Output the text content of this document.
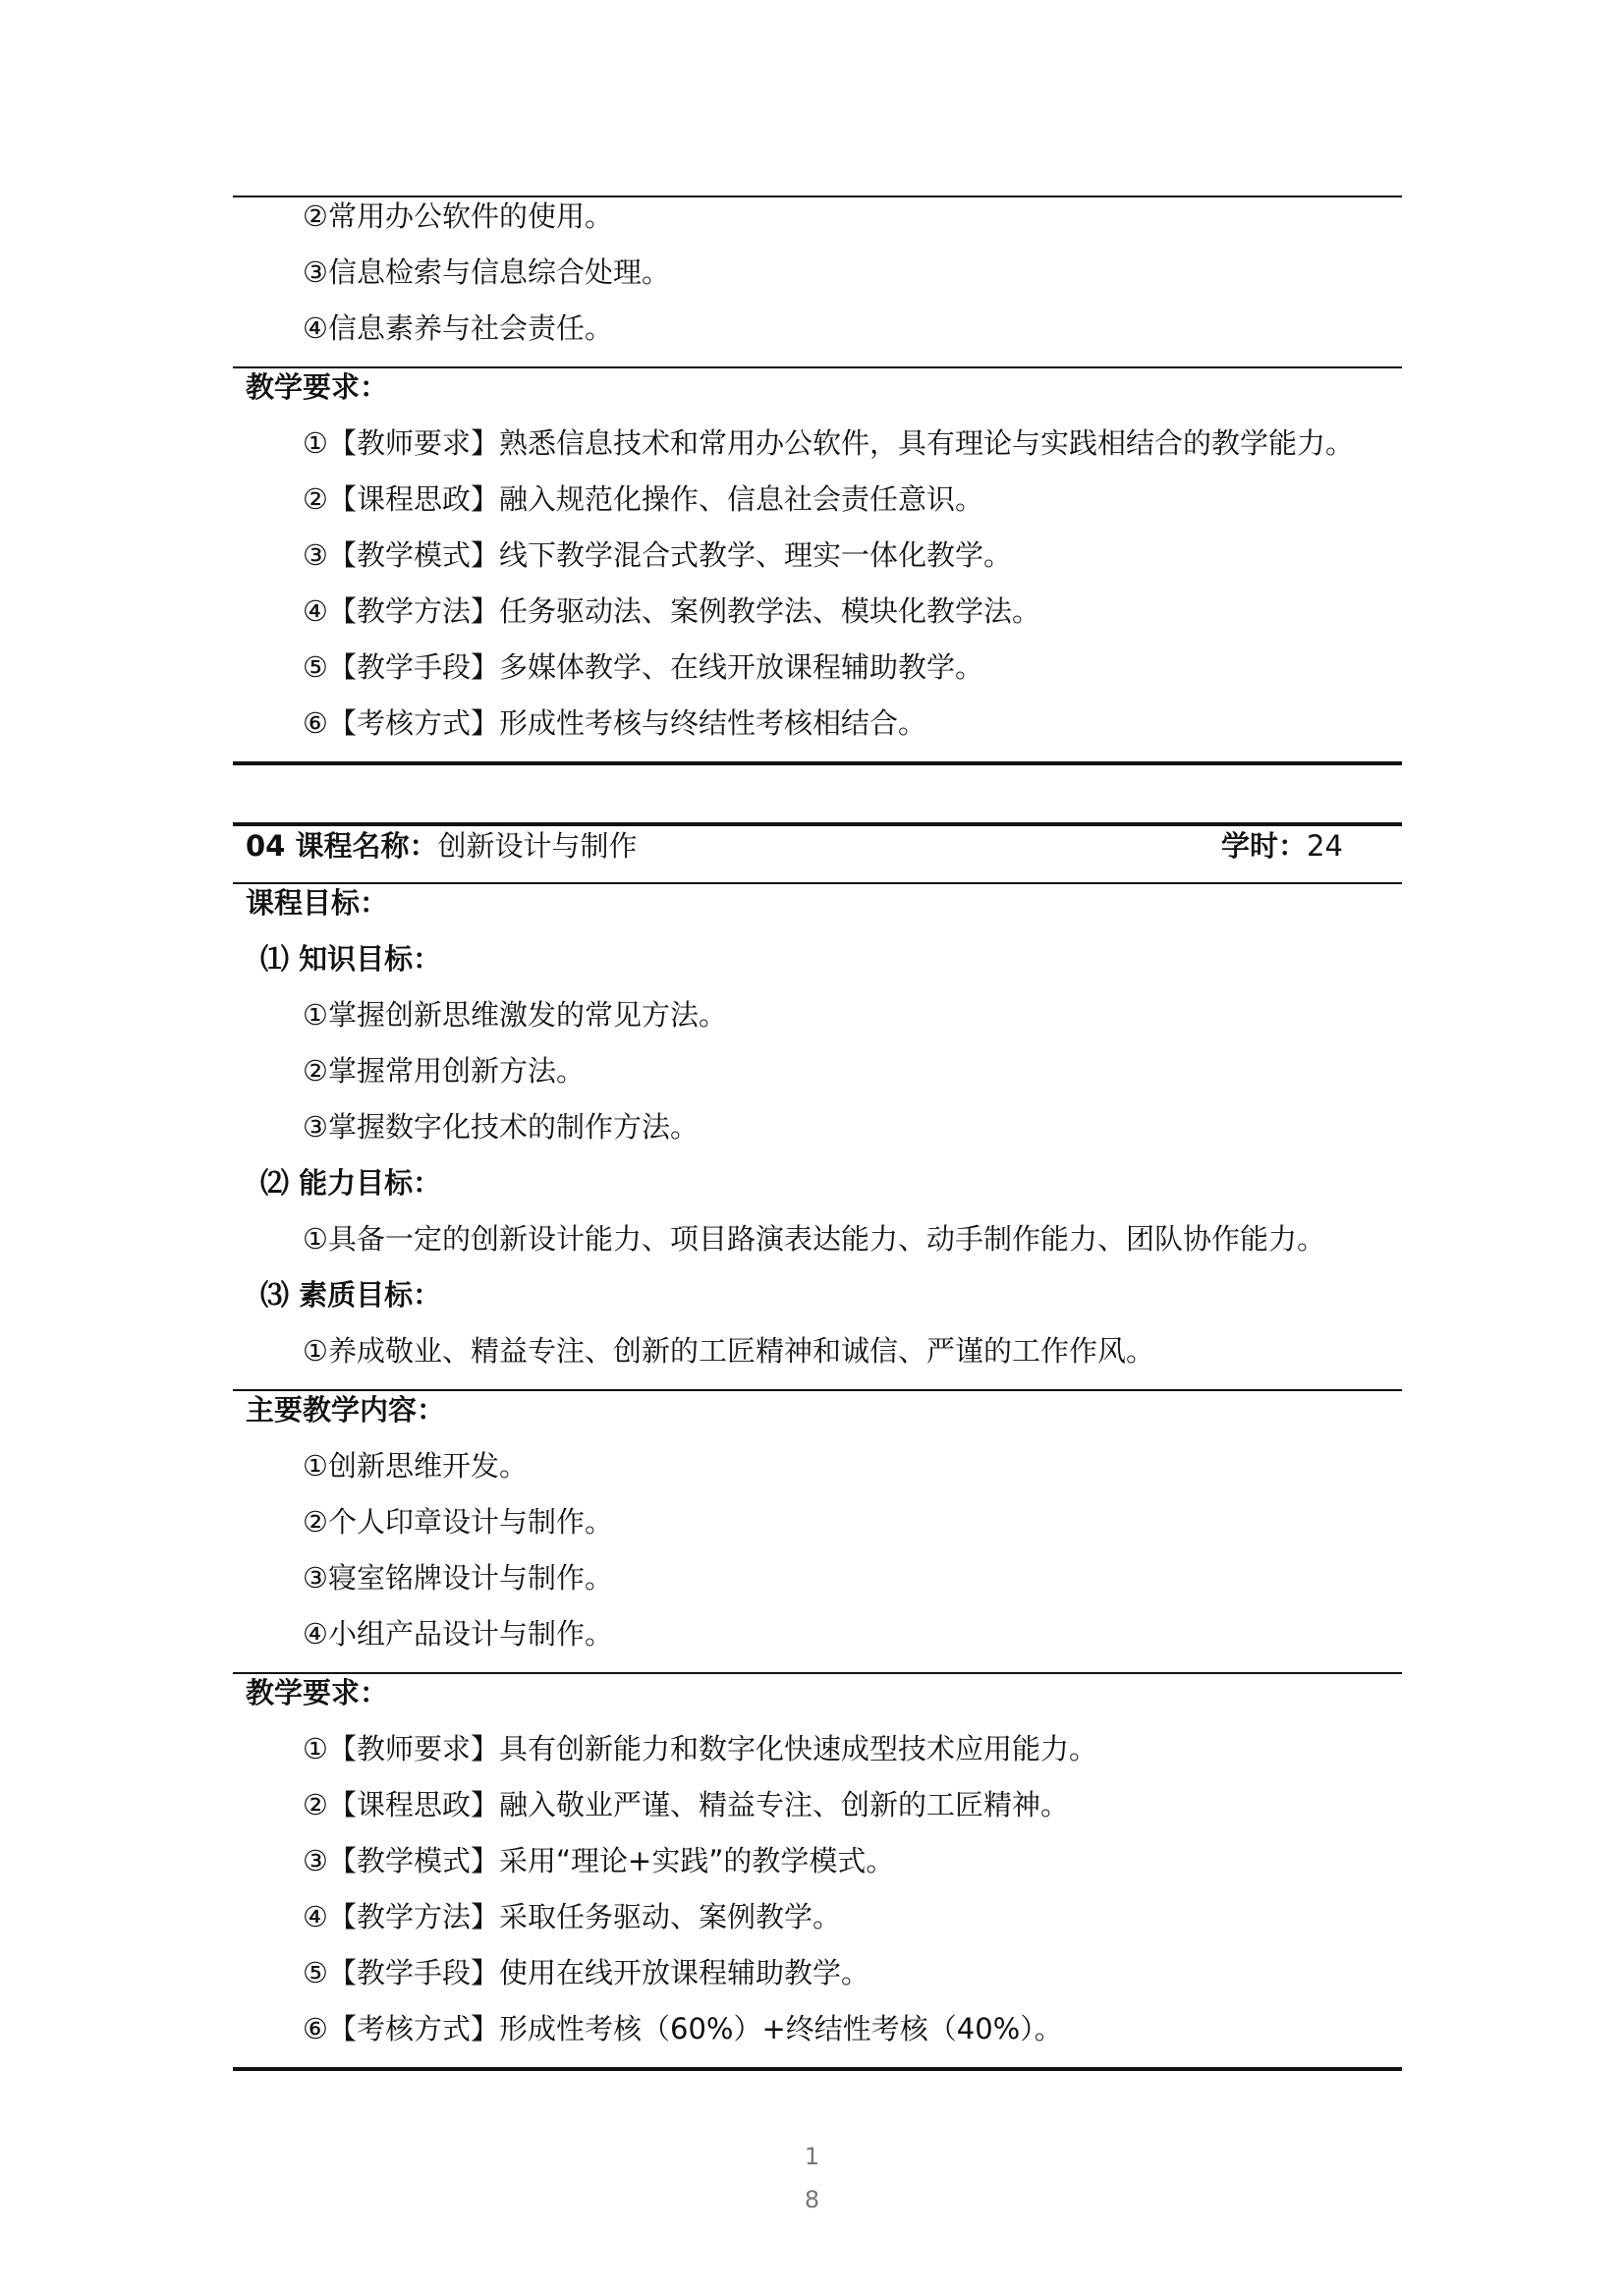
②常用办公软件的使用。
③信息检索与信息综合处理。
④信息素养与社会责任。
教学要求：
①【教师要求】熟悉信息技术和常用办公软件，具有理论与实践相结合的教学能力。
②【课程思政】融入规范化操作、信息社会责任意识。
③【教学模式】线下教学混合式教学、理实一体化教学。
④【教学方法】任务驱动法、案例教学法、模块化教学法。
⑤【教学手段】多媒体教学、在线开放课程辅助教学。
⑥【考核方式】形成性考核与终结性考核相结合。
04 课程名称：创新设计与制作	学时：24
课程目标：
⑴ 知识目标：
①掌握创新思维激发的常见方法。
②掌握常用创新方法。
③掌握数字化技术的制作方法。
⑵ 能力目标：
①具备一定的创新设计能力、项目路演表达能力、动手制作能力、团队协作能力。
⑶ 素质目标：
①养成敬业、精益专注、创新的工匠精神和诚信、严谨的工作作风。
主要教学内容：
①创新思维开发。
②个人印章设计与制作。
③寝室铭牌设计与制作。
④小组产品设计与制作。
教学要求：
①【教师要求】具有创新能力和数字化快速成型技术应用能力。
②【课程思政】融入敬业严谨、精益专注、创新的工匠精神。
③【教学模式】采用“理论+实践”的教学模式。
④【教学方法】采取任务驱动、案例教学。
⑤【教学手段】使用在线开放课程辅助教学。
⑥【考核方式】形成性考核（60%）+终结性考核（40%）。
1
8
